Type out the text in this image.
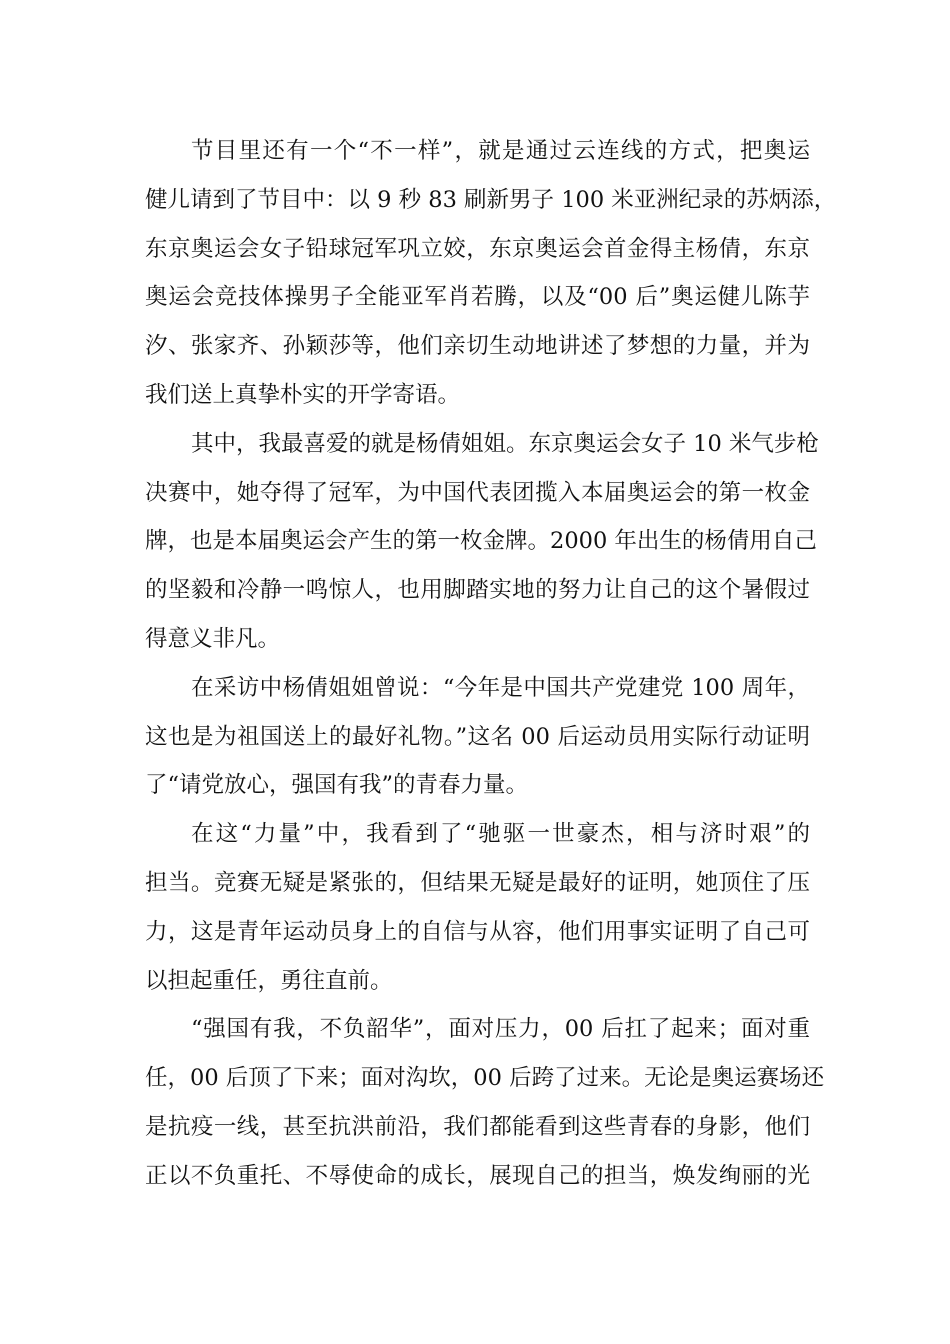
节目里还有一个“不一样”，就是通过云连线的方式，把奥运
健儿请到了节目中：以 9 秒 83 刷新男子 100 米亚洲纪录的苏炳添，
东京奥运会女子铅球冠军巩立姣，东京奥运会首金得主杨倩，东京
奥运会竞技体操男子全能亚军肖若腾，以及“00 后”奥运健儿陈芋
汐、张家齐、孙颖莎等，他们亲切生动地讲述了梦想的力量，并为
我们送上真挚朴实的开学寄语。
其中，我最喜爱的就是杨倩姐姐。东京奥运会女子 10 米气步枪
决赛中，她夺得了冠军，为中国代表团揽入本届奥运会的第一枚金
牌，也是本届奥运会产生的第一枚金牌。2000 年出生的杨倩用自己
的坚毅和冷静一鸣惊人，也用脚踏实地的努力让自己的这个暑假过
得意义非凡。
在采访中杨倩姐姐曾说：“今年是中国共产党建党 100 周年，
这也是为祖国送上的最好礼物。”这名 00 后运动员用实际行动证明
了“请党放心，强国有我”的青春力量。
在这“力量”中，我看到了“驰驱一世豪杰，相与济时艰”的
担当。竞赛无疑是紧张的，但结果无疑是最好的证明，她顶住了压
力，这是青年运动员身上的自信与从容，他们用事实证明了自己可
以担起重任，勇往直前。
“强国有我，不负韶华”，面对压力，00 后扛了起来；面对重
任，00 后顶了下来；面对沟坎，00 后跨了过来。无论是奥运赛场还
是抗疫一线，甚至抗洪前沿，我们都能看到这些青春的身影，他们
正以不负重托、不辱使命的成长，展现自己的担当，焕发绚丽的光
